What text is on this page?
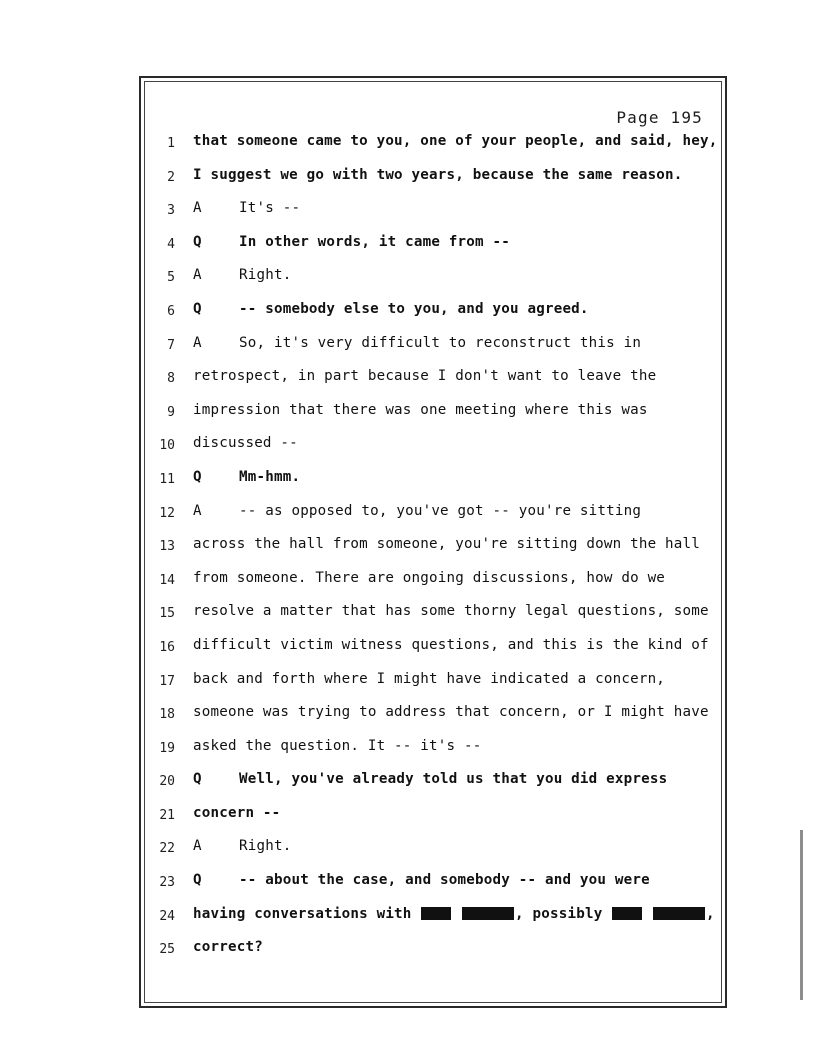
Page 195
1 that someone came to you, one of your people, and said, hey,
2 I suggest we go with two years, because the same reason.
3 A	It's --
4 Q	In other words, it came from --
5 A	Right.
6 Q	-- somebody else to you, and you agreed.
7 A	So, it's very difficult to reconstruct this in
8 retrospect, in part because I don't want to leave the
9 impression that there was one meeting where this was
10 discussed --
11 Q	Mm-hmm.
12 A	-- as opposed to, you've got -- you're sitting
13 across the hall from someone, you're sitting down the hall
14 from someone. There are ongoing discussions, how do we
15 resolve a matter that has some thorny legal questions, some
16 difficult victim witness questions, and this is the kind of
17 back and forth where I might have indicated a concern,
18 someone was trying to address that concern, or I might have
19 asked the question. It -- it's --
20 Q	Well, you've already told us that you did express
21 concern --
22 A	Right.
23 Q	-- about the case, and somebody -- and you were
24 having conversations with	, possibly	,
25 correct?
